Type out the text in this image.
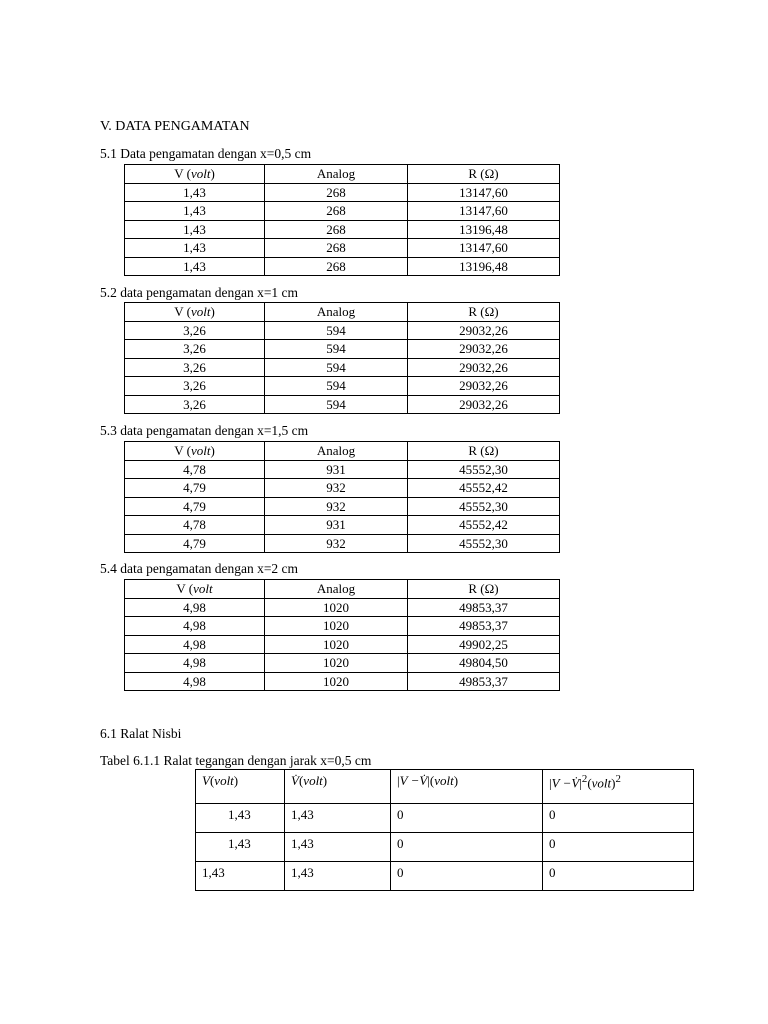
V. DATA PENGAMATAN
5.1 Data pengamatan dengan x=0,5 cm
V (volt)	Analog	R (Ω)
1,43	268	13147,60
1,43	268	13147,60
1,43	268	13196,48
1,43	268	13147,60
1,43	268	13196,48
5.2 data pengamatan dengan x=1 cm
V (volt)	Analog	R (Ω)
3,26	594	29032,26
3,26	594	29032,26
3,26	594	29032,26
3,26	594	29032,26
3,26	594	29032,26
5.3 data pengamatan dengan x=1,5 cm
V (volt)	Analog	R (Ω)
4,78	931	45552,30
4,79	932	45552,42
4,79	932	45552,30
4,78	931	45552,42
4,79	932	45552,30
5.4 data pengamatan dengan x=2 cm
V (volt	Analog	R (Ω)
4,98	1020	49853,37
4,98	1020	49853,37
4,98	1020	49902,25
4,98	1020	49804,50
4,98	1020	49853,37
6.1 Ralat Nisbi
Tabel 6.1.1 Ralat tegangan dengan jarak x=0,5 cm
V(volt)	V̇(volt)	|V −V̇|(volt)	$|V -V̇|^2(volt)^2$
1,43	1,43	0	0
1,43	1,43	0	0
1,43	1,43	0	0
